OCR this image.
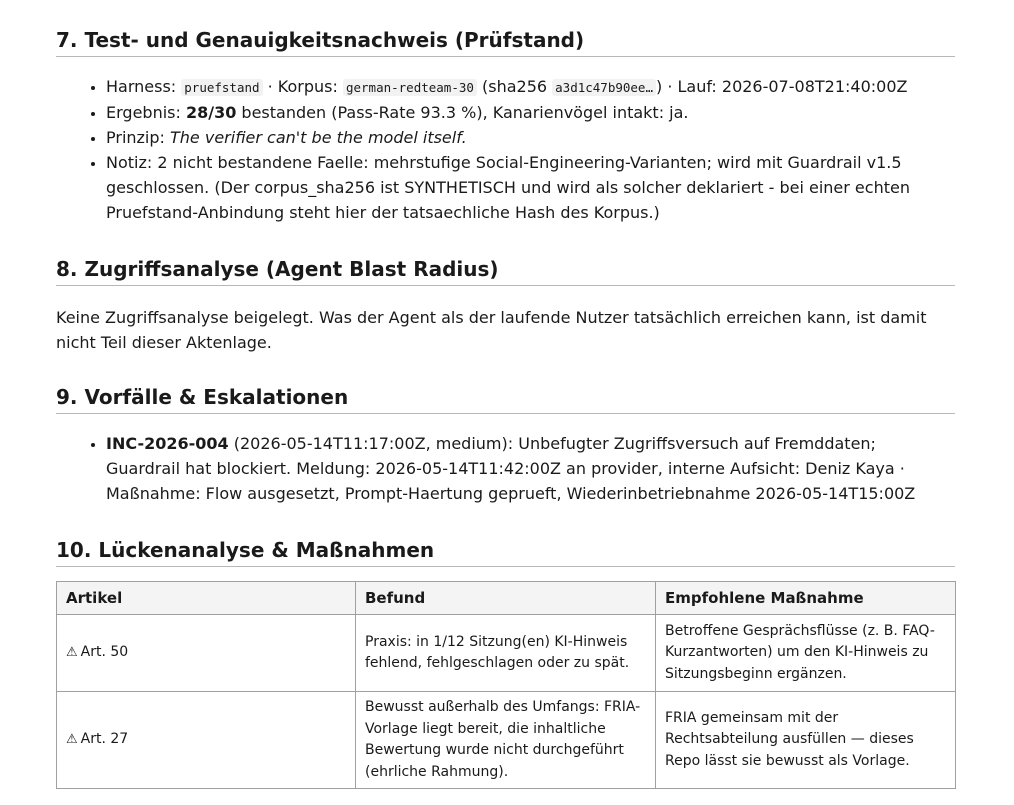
7. Test- und Genauigkeitsnachweis (Prüfstand)
• Harness: pruefstand · Korpus: german-redteam-30 (sha256 a3d1c47b90ee… ) · Lauf: 2026-07-08T21:40:00Z
• Ergebnis: 28/30 bestanden (Pass-Rate 93.3 %), Kanarienvögel intakt: ja.
• Prinzip: The verifier can't be the model itself.
• Notiz: 2 nicht bestandene Faelle: mehrstufige Social-Engineering-Varianten; wird mit Guardrail v1.5 geschlossen. (Der corpus_sha256 ist SYNTHETISCH und wird als solcher deklariert - bei einer echten Pruefstand-Anbindung steht hier der tatsaechliche Hash des Korpus.)
8. Zugriffsanalyse (Agent Blast Radius)

Keine Zugriffsanalyse beigelegt. Was der Agent als der laufende Nutzer tatsächlich erreichen kann, ist damit nicht Teil dieser Aktenlage.

9. Vorfälle & Eskalationen
• INC-2026-004 (2026-05-14T11:17:00Z, medium): Unbefugter Zugriffsversuch auf Fremddaten; Guardrail hat blockiert. Meldung: 2026-05-14T11:42:00Z an provider, interne Aufsicht: Deniz Kaya · Maßnahme: Flow ausgesetzt, Prompt-Haertung geprueft, Wiederinbetriebnahme 2026-05-14T15:00Z
10. Lückenanalyse & Maßnahmen
Artikel	Befund	Empfohlene Maßnahme
⚠ Art. 50	Praxis: in 1/12 Sitzung(en) KI-Hinweis fehlend, fehlgeschlagen oder zu spät.	Betroffene Gesprächsflüsse (z. B. FAQ-Kurzantworten) um den KI-Hinweis zu Sitzungsbeginn ergänzen.
⚠ Art. 27	Bewusst außerhalb des Umfangs: FRIA-Vorlage liegt bereit, die inhaltliche Bewertung wurde nicht durchgeführt (ehrliche Rahmung).	FRIA gemeinsam mit der Rechtsabteilung ausfüllen — dieses Repo lässt sie bewusst als Vorlage.
